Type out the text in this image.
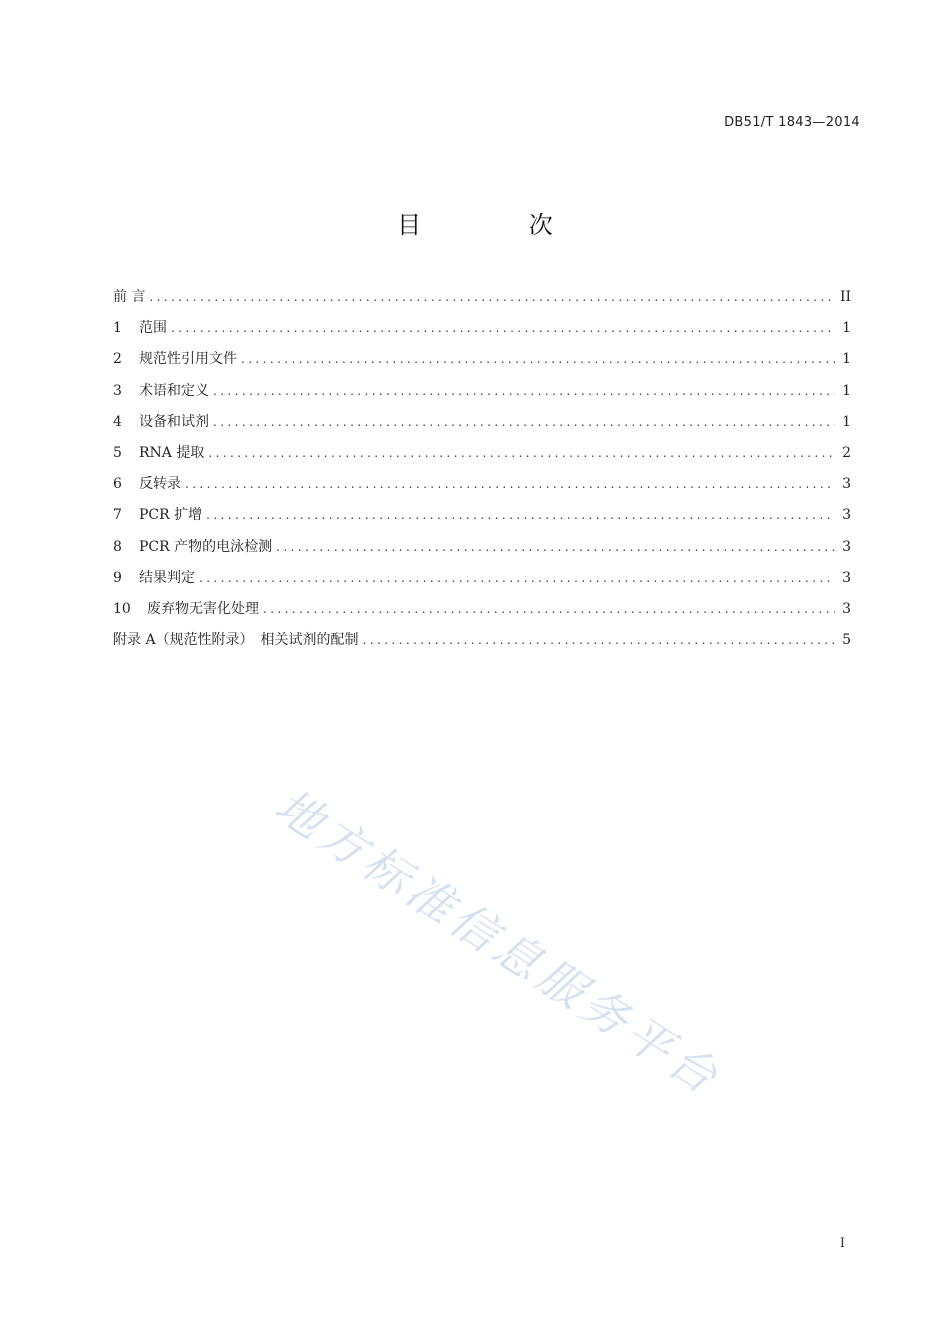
DB51/T 1843—2014
目 次
前 言 .....	II
1	范围 .....	1
2	规范性引用文件 .....	1
3	术语和定义 .....	1
4	设备和试剂 .....	1
5	RNA 提取 .....	2
6	反转录 .....	3
7	PCR 扩增 .....	3
8	PCR 产物的电泳检测 .....	3
9	结果判定 .....	3
10	废弃物无害化处理 .....	3
附录 A（规范性附录）　相关试剂的配制 .....	5
地方标准信息服务平台
I
